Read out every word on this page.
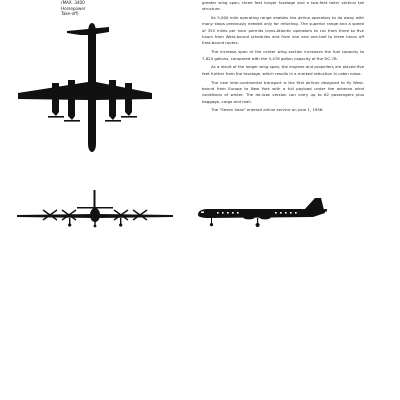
(MAX. 3400
Horsepower
Take-off)

greater wing span, three feet longer fuselage and a two-feet taller vertical tail structure.

Its 5,000 mile operating range enables the airline operators to do away with many stops previously needed only for refueling. The superior range and a speed of 355 miles per hour permits trans-Atlantic operators to cut from three to five hours from West-bound schedules and from one and one-half to three hours off East-bound routes.

The increase span of the center wing section increases the fuel capacity to 7,824 gallons, compared with the 5,478 gallon capacity of the DC-7B.

As a result of the longer wing span, the engines and propellers are placed five feet further from the fuselage, which results in a marked reduction in cabin noise.

The new inter-continental transport is the first airliner designed to fly West-bound from Europe to New York with a full payload under the adverse wind conditions of winter. The de-luxe version can carry up to 62 passengers plus baggage, cargo and mail.

The "Seven Seas" entered airline service on June 1, 1956.
